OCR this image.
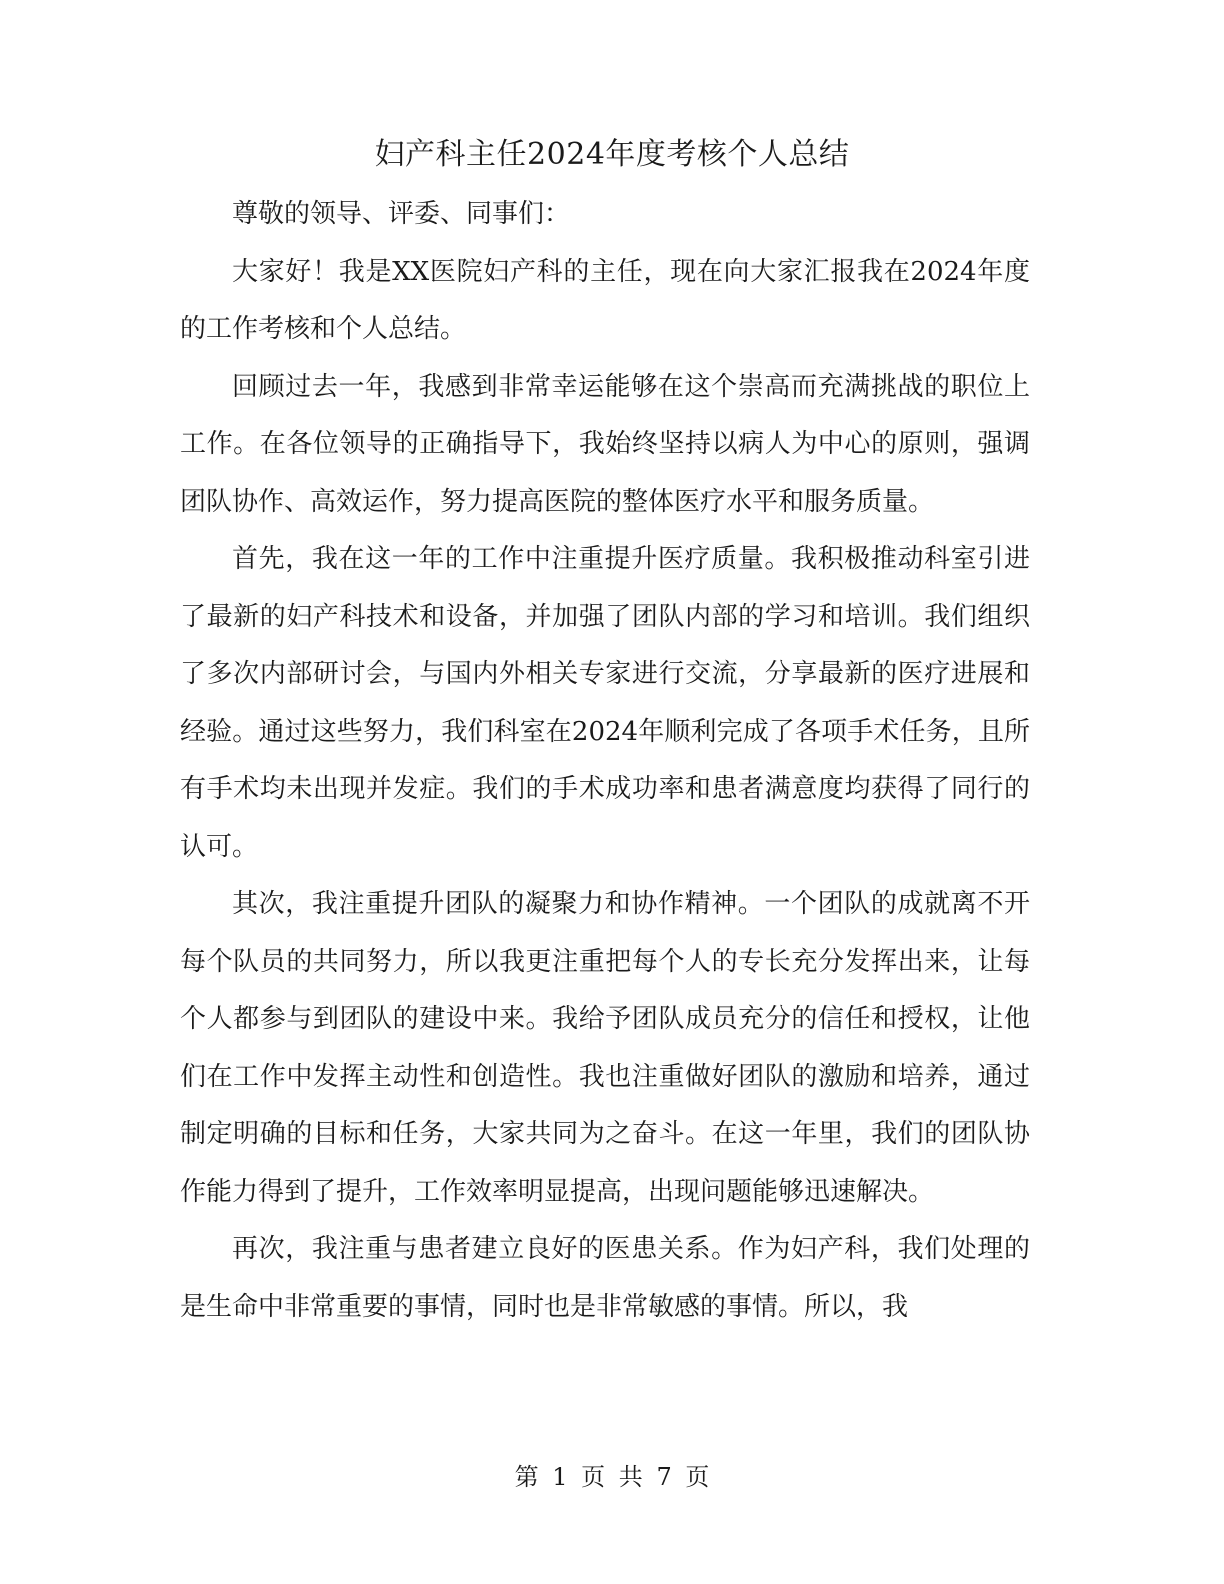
妇产科主任2024年度考核个人总结

尊敬的领导、评委、同事们：

大家好！我是XX医院妇产科的主任，现在向大家汇报我在2024年度的工作考核和个人总结。

回顾过去一年，我感到非常幸运能够在这个崇高而充满挑战的职位上工作。在各位领导的正确指导下，我始终坚持以病人为中心的原则，强调团队协作、高效运作，努力提高医院的整体医疗水平和服务质量。

首先，我在这一年的工作中注重提升医疗质量。我积极推动科室引进了最新的妇产科技术和设备，并加强了团队内部的学习和培训。我们组织了多次内部研讨会，与国内外相关专家进行交流，分享最新的医疗进展和经验。通过这些努力，我们科室在2024年顺利完成了各项手术任务，且所有手术均未出现并发症。我们的手术成功率和患者满意度均获得了同行的认可。

其次，我注重提升团队的凝聚力和协作精神。一个团队的成就离不开每个队员的共同努力，所以我更注重把每个人的专长充分发挥出来，让每个人都参与到团队的建设中来。我给予团队成员充分的信任和授权，让他们在工作中发挥主动性和创造性。我也注重做好团队的激励和培养，通过制定明确的目标和任务，大家共同为之奋斗。在这一年里，我们的团队协作能力得到了提升，工作效率明显提高，出现问题能够迅速解决。

再次，我注重与患者建立良好的医患关系。作为妇产科，我们处理的是生命中非常重要的事情，同时也是非常敏感的事情。所以，我

第 1 页 共 7 页
